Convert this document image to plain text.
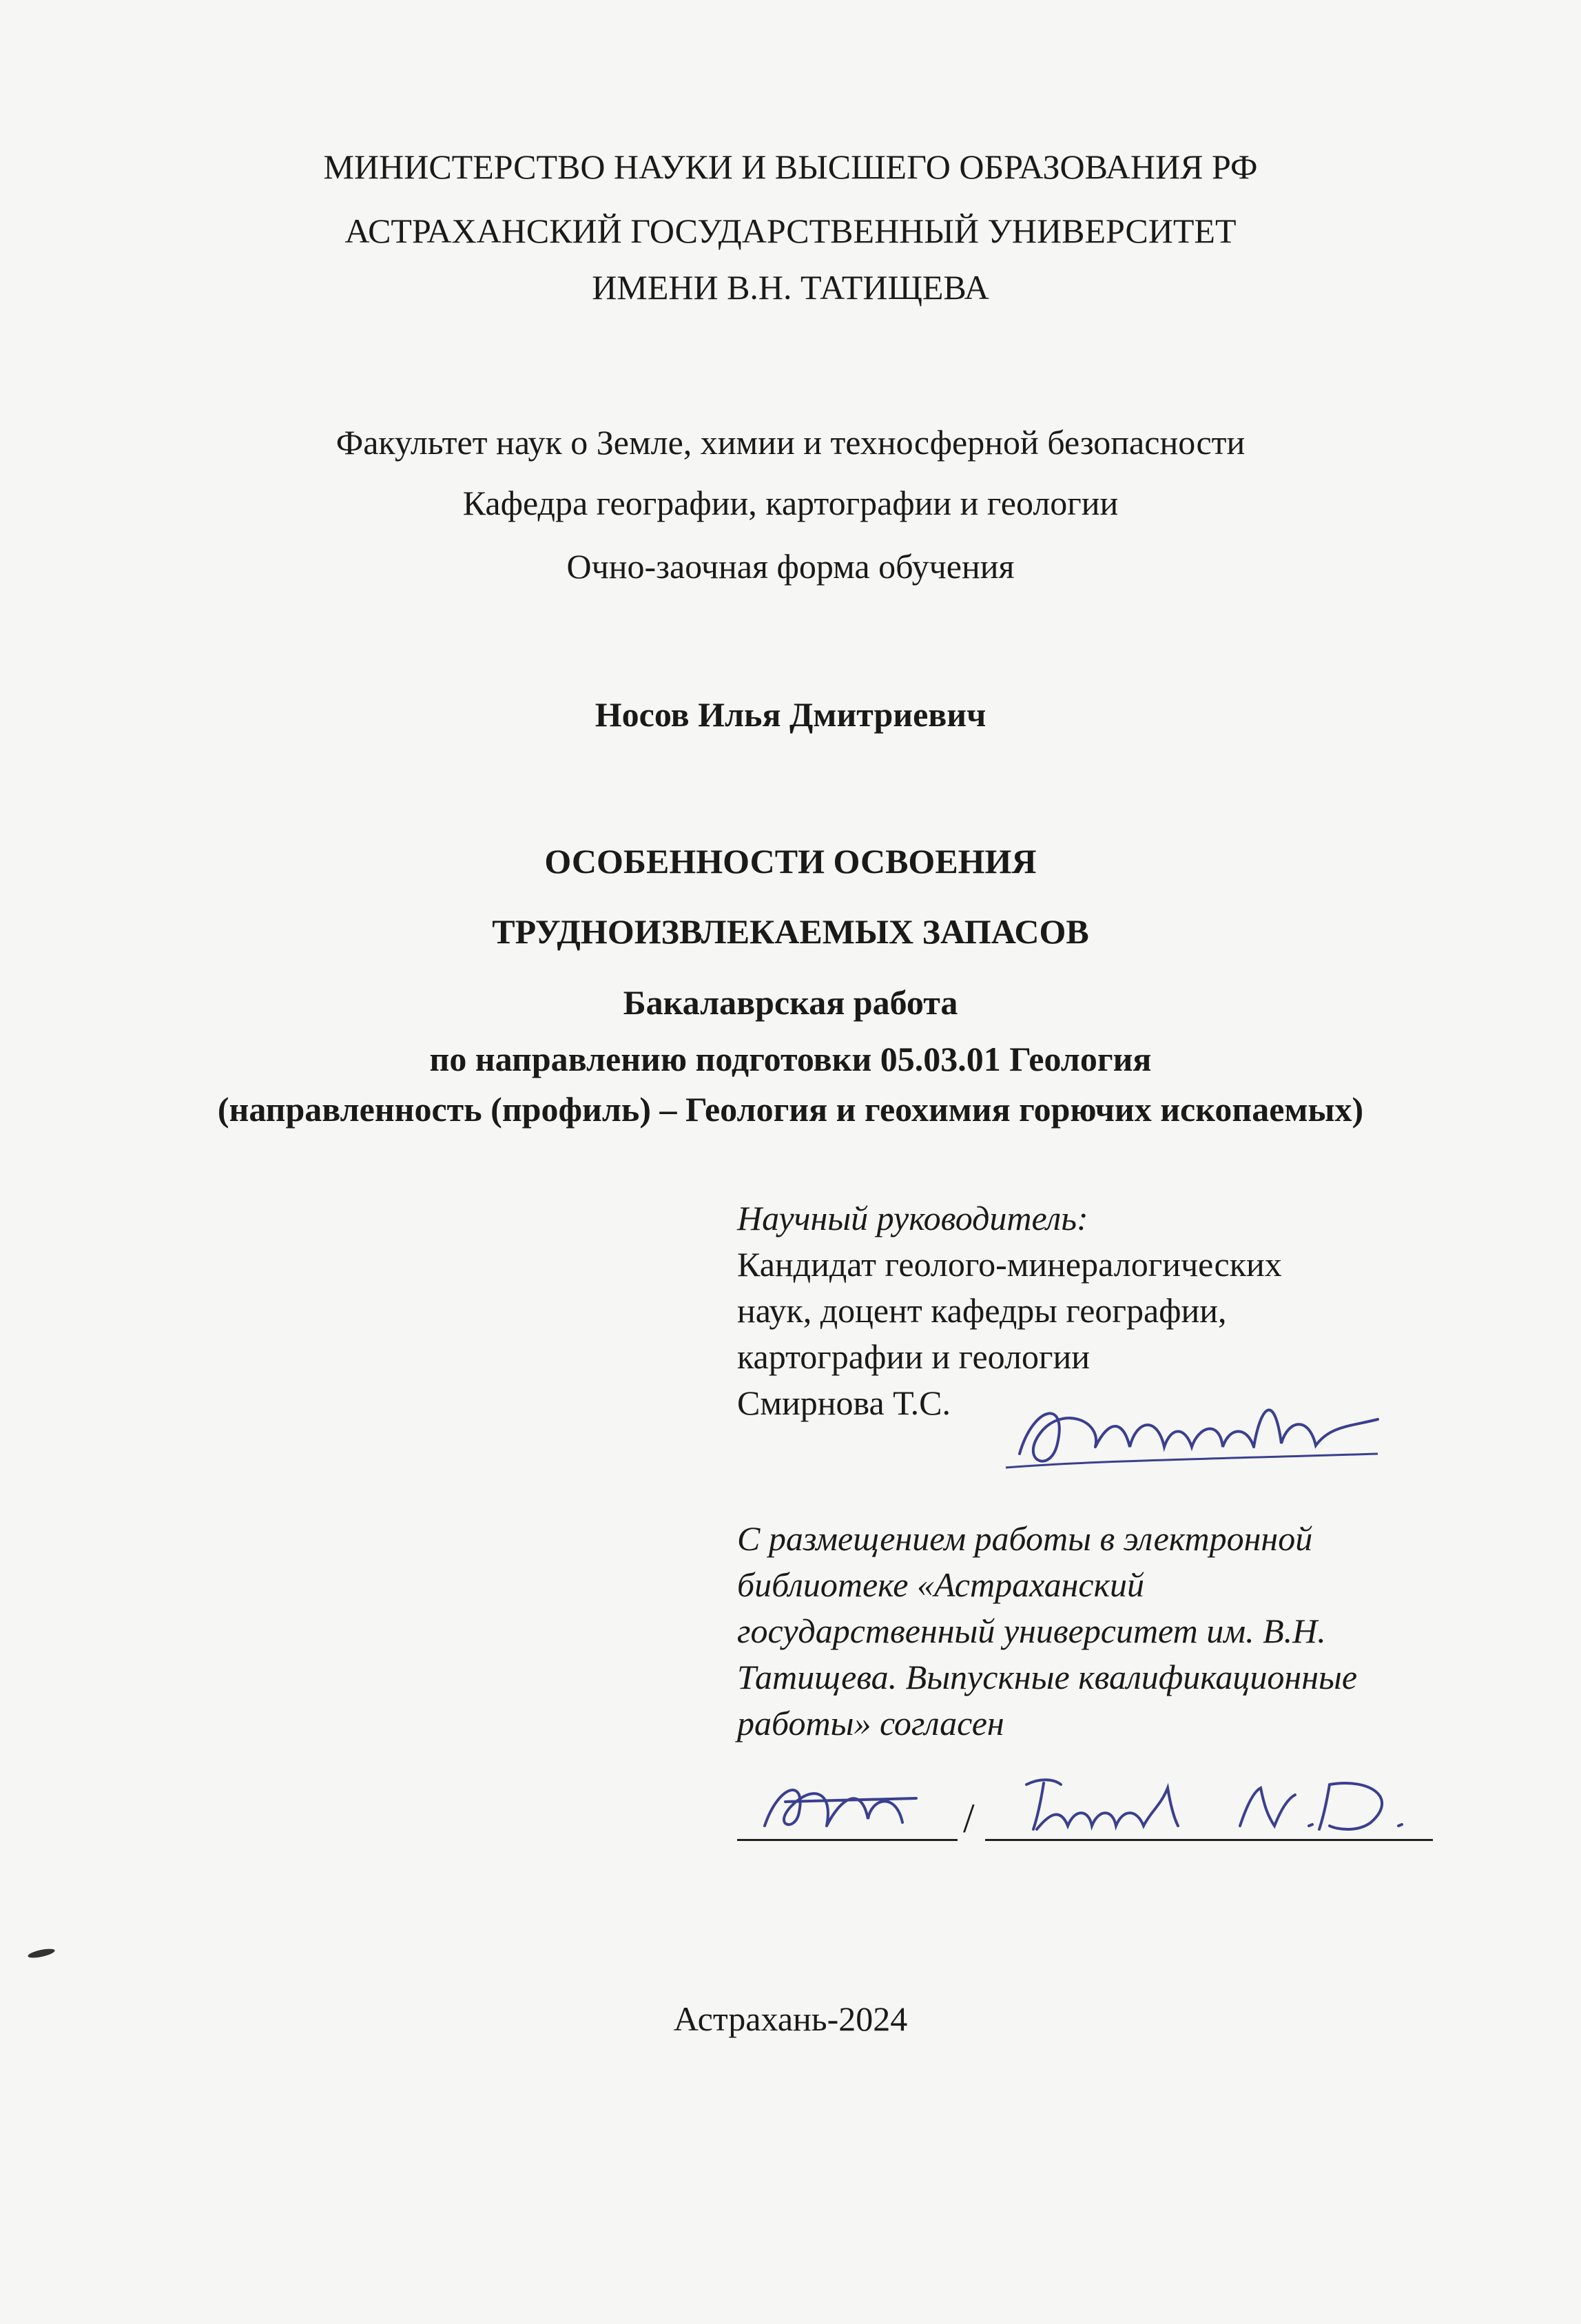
МИНИСТЕРСТВО НАУКИ И ВЫСШЕГО ОБРАЗОВАНИЯ РФ
АСТРАХАНСКИЙ ГОСУДАРСТВЕННЫЙ УНИВЕРСИТЕТ
ИМЕНИ В.Н. ТАТИЩЕВА
Факультет наук о Земле, химии и техносферной безопасности
Кафедра географии, картографии и геологии
Очно-заочная форма обучения
Носов Илья Дмитриевич
ОСОБЕННОСТИ ОСВОЕНИЯ
ТРУДНОИЗВЛЕКАЕМЫХ ЗАПАСОВ
Бакалаврская работа
по направлению подготовки 05.03.01 Геология
(направленность (профиль) – Геология и геохимия горючих ископаемых)
Научный руководитель:
Кандидат геолого-минералогических
наук, доцент кафедры географии,
картографии и геологии
Смирнова Т.С.
С размещением работы в электронной
библиотеке «Астраханский
государственный университет им. В.Н.
Татищева. Выпускные квалификационные
работы» согласен
/
Астрахань-2024
